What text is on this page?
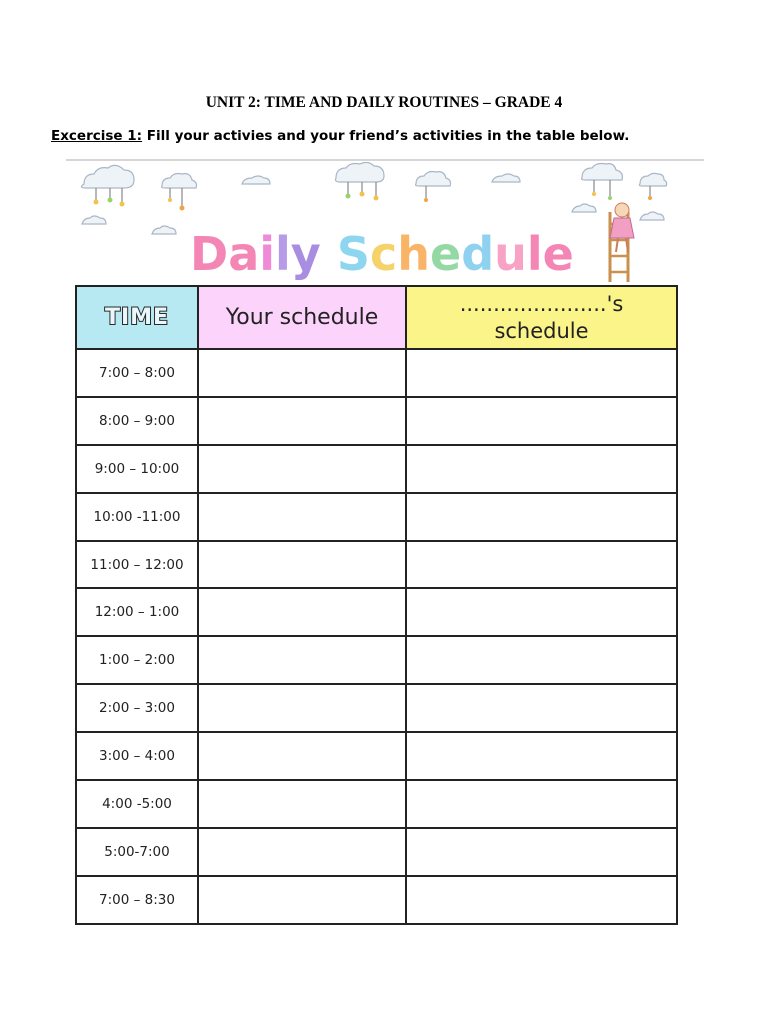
UNIT 2: TIME AND DAILY ROUTINES – GRADE 4
Excercise 1: Fill your activies and your friend’s activities in the table below.
Daily Schedule
TIME	Your schedule	......................'s
schedule

7:00 – 8:00		
8:00 – 9:00		
9:00 – 10:00		
10:00 -11:00		
11:00 – 12:00		
12:00 – 1:00		
1:00 – 2:00		
2:00 – 3:00		
3:00 – 4:00		
4:00 -5:00		
5:00-7:00		
7:00 – 8:30		
